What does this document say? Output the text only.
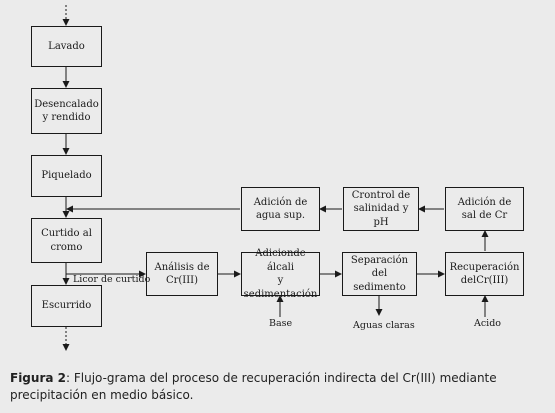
Lavado
Desencalado
y rendido
Piquelado
Curtido al
cromo
Escurrido
Análisis de
Cr(III)
Adicionde álcali
y sedimentación
Separación del
sedimento
Recuperación
delCr(III)
Adición de
sal de Cr
Crontrol de
salinidad y pH
Adición de
agua sup.
Licor de curtido
Base	Aguas claras	Acido
Figura 2: Flujo-grama del proceso de recuperación indirecta del Cr(III) mediante precipitación en medio básico.
